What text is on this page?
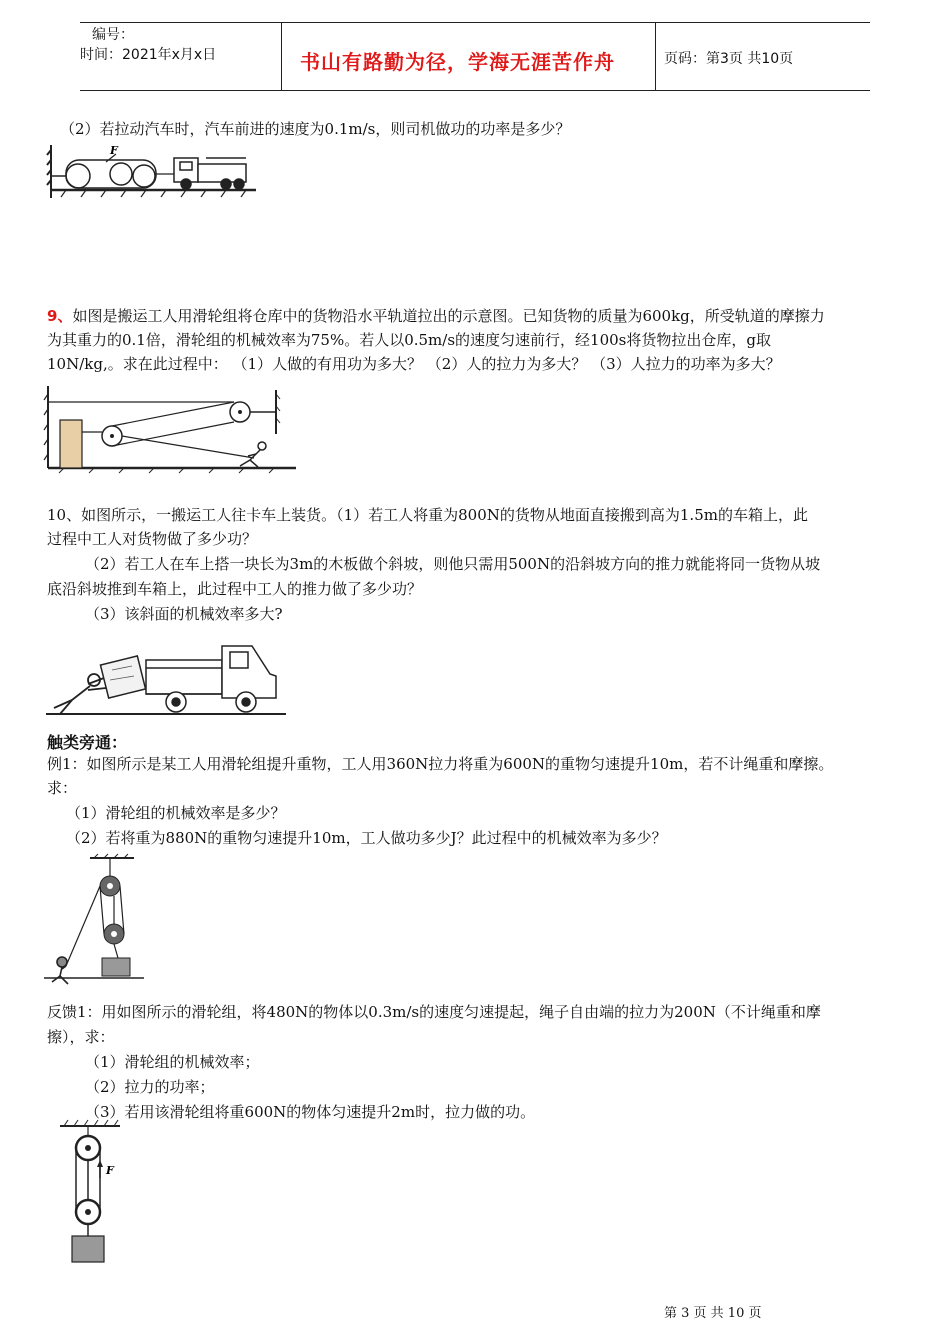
编号：
时间：2021年x月x日	书山有路勤为径，学海无涯苦作舟	页码：第3页 共10页
（2）若拉动汽车时，汽车前进的速度为0.1m/s，则司机做功的功率是多少？
F
9、如图是搬运工人用滑轮组将仓库中的货物沿水平轨道拉出的示意图。已知货物的质量为600kg，所受轨道的摩擦力
为其重力的0.1倍，滑轮组的机械效率为75%。若人以0.5m/s的速度匀速前行，经100s将货物拉出仓库，g取
10N/kg,。求在此过程中： （1）人做的有用功为多大？ （2）人的拉力为多大？ （3）人拉力的功率为多大？
10、如图所示，一搬运工人往卡车上装货。（1）若工人将重为800N的货物从地面直接搬到高为1.5m的车箱上，此
过程中工人对货物做了多少功？
（2）若工人在车上搭一块长为3m的木板做个斜坡，则他只需用500N的沿斜坡方向的推力就能将同一货物从坡
底沿斜坡推到车箱上，此过程中工人的推力做了多少功？
（3）该斜面的机械效率多大?
触类旁通：
例1：如图所示是某工人用滑轮组提升重物，工人用360N拉力将重为600N的重物匀速提升10m，若不计绳重和摩擦。
求：
（1）滑轮组的机械效率是多少？
（2）若将重为880N的重物匀速提升10m，工人做功多少J？此过程中的机械效率为多少？
反馈1：用如图所示的滑轮组，将480N的物体以0.3m/s的速度匀速提起，绳子自由端的拉力为200N（不计绳重和摩
擦），求：
（1）滑轮组的机械效率；
（2）拉力的功率；
（3）若用该滑轮组将重600N的物体匀速提升2m时，拉力做的功。
F
第 3 页 共 10 页
